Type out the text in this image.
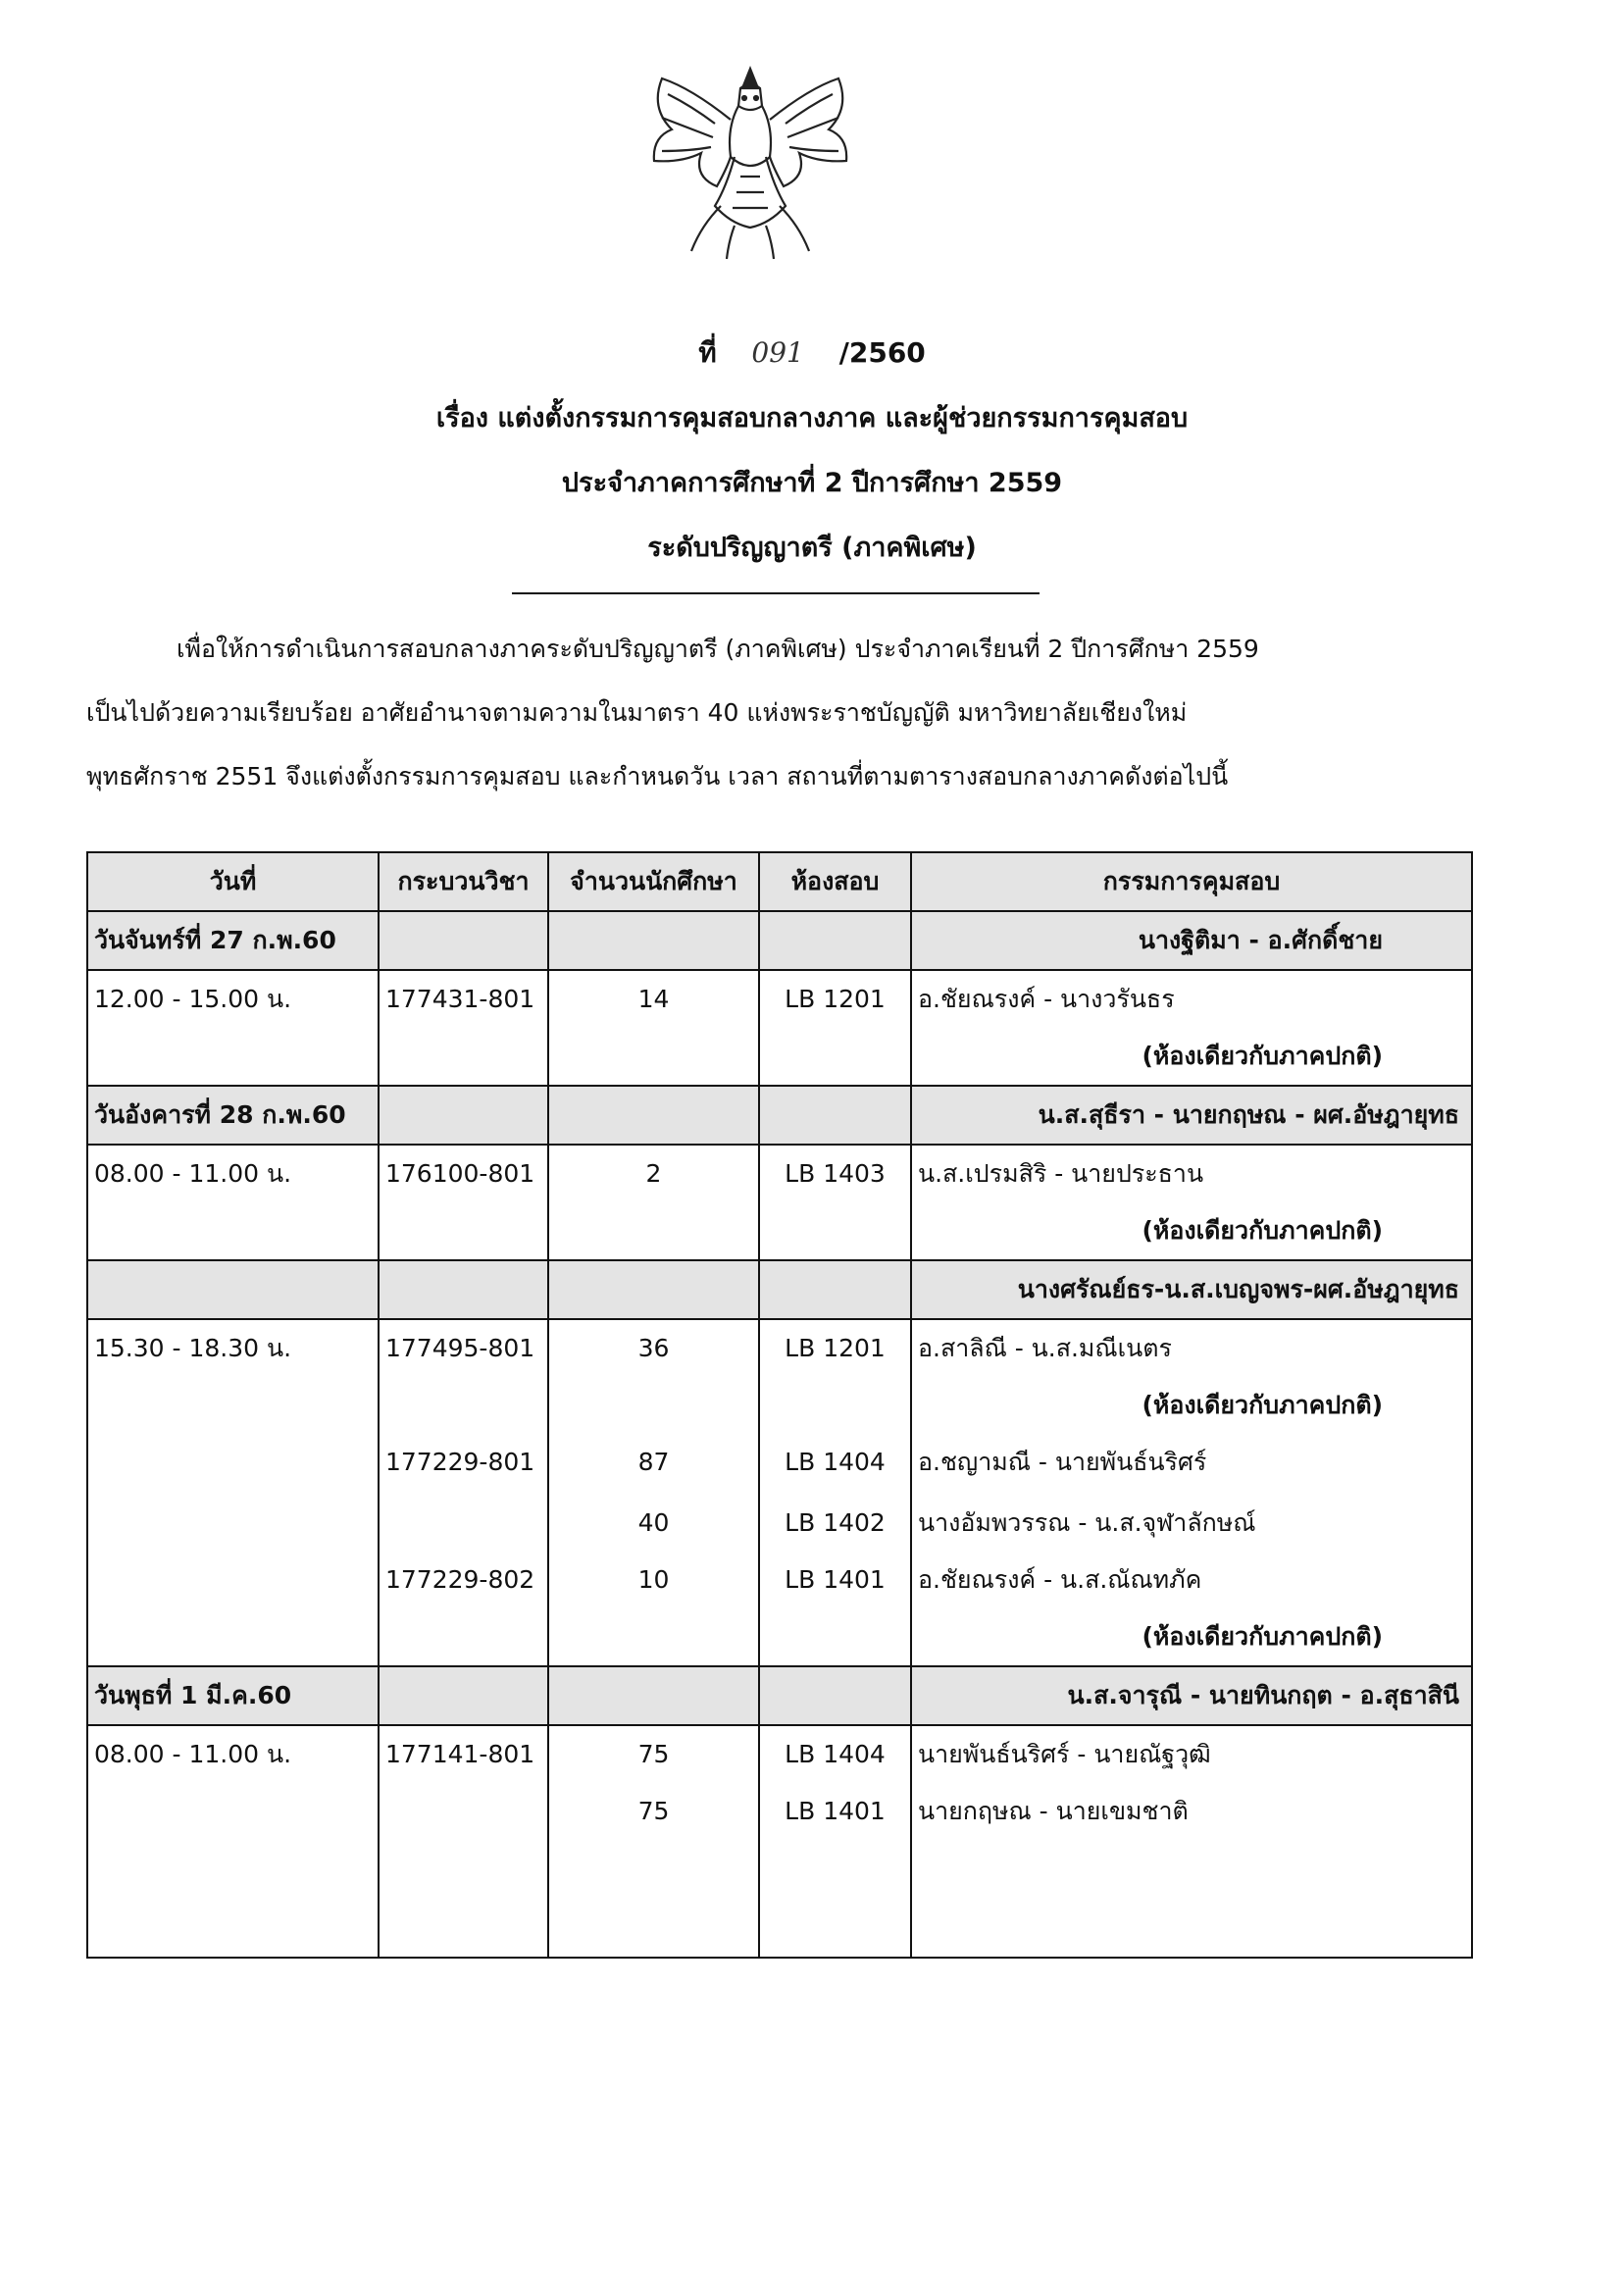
ที่ 091 /2560
เรื่อง แต่งตั้งกรรมการคุมสอบกลางภาค และผู้ช่วยกรรมการคุมสอบ
ประจำภาคการศึกษาที่ 2 ปีการศึกษา 2559
ระดับปริญญาตรี (ภาคพิเศษ)
เพื่อให้การดำเนินการสอบกลางภาคระดับปริญญาตรี (ภาคพิเศษ) ประจำภาคเรียนที่ 2 ปีการศึกษา 2559
เป็นไปด้วยความเรียบร้อย อาศัยอำนาจตามความในมาตรา 40 แห่งพระราชบัญญัติ มหาวิทยาลัยเชียงใหม่
พุทธศักราช 2551 จึงแต่งตั้งกรรมการคุมสอบ และกำหนดวัน เวลา สถานที่ตามตารางสอบกลางภาคดังต่อไปนี้
วันที่	กระบวนวิชา	จำนวนนักศึกษา	ห้องสอบ	กรรมการคุมสอบ
วันจันทร์ที่ 27 ก.พ.60				นางฐิติมา - อ.ศักดิ์ชาย
12.00 - 15.00 น.	177431-801	14	LB 1201	อ.ชัยณรงค์ - นางวรันธร
				(ห้องเดียวกับภาคปกติ)
วันอังคารที่ 28 ก.พ.60				น.ส.สุธีรา - นายกฤษณ - ผศ.อัษฎายุทธ
08.00 - 11.00 น.	176100-801	2	LB 1403	น.ส.เปรมสิริ - นายประธาน
				(ห้องเดียวกับภาคปกติ)
				นางศรัณย์ธร-น.ส.เบญจพร-ผศ.อัษฎายุทธ
15.30 - 18.30 น.	177495-801	36	LB 1201	อ.สาลิณี - น.ส.มณีเนตร
				(ห้องเดียวกับภาคปกติ)
	177229-801	87	LB 1404	อ.ชญามณี - นายพันธ์นริศร์
		40	LB 1402	นางอัมพวรรณ - น.ส.จุฬาลักษณ์
	177229-802	10	LB 1401	อ.ชัยณรงค์ - น.ส.ณัณทภัค
				(ห้องเดียวกับภาคปกติ)
วันพุธที่ 1 มี.ค.60				น.ส.จารุณี - นายทินกฤต - อ.สุธาสินี
08.00 - 11.00 น.	177141-801	75	LB 1404	นายพันธ์นริศร์ - นายณัฐวุฒิ
		75	LB 1401	นายกฤษณ - นายเขมชาติ
